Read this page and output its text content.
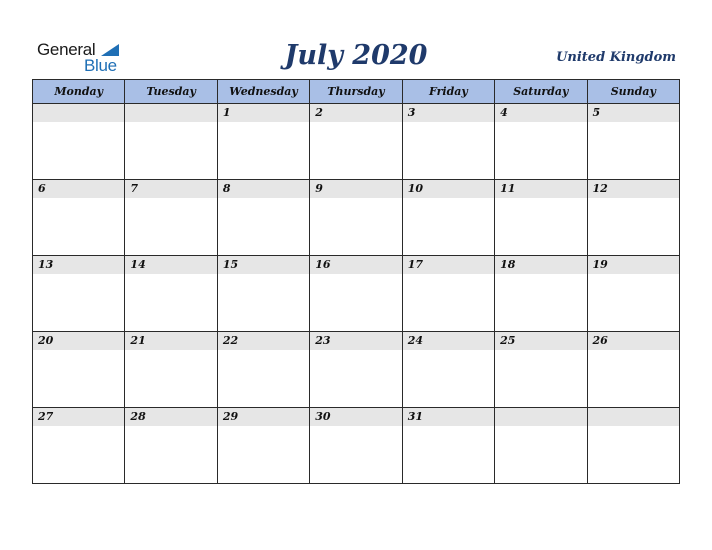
General
Blue	July 2020	United Kingdom
Monday	Tuesday	Wednesday	Thursday	Friday	Saturday	Sunday

		1	2	3	4	5

6	7	8	9	10	11	12

13	14	15	16	17	18	19

20	21	22	23	24	25	26

27	28	29	30	31		
